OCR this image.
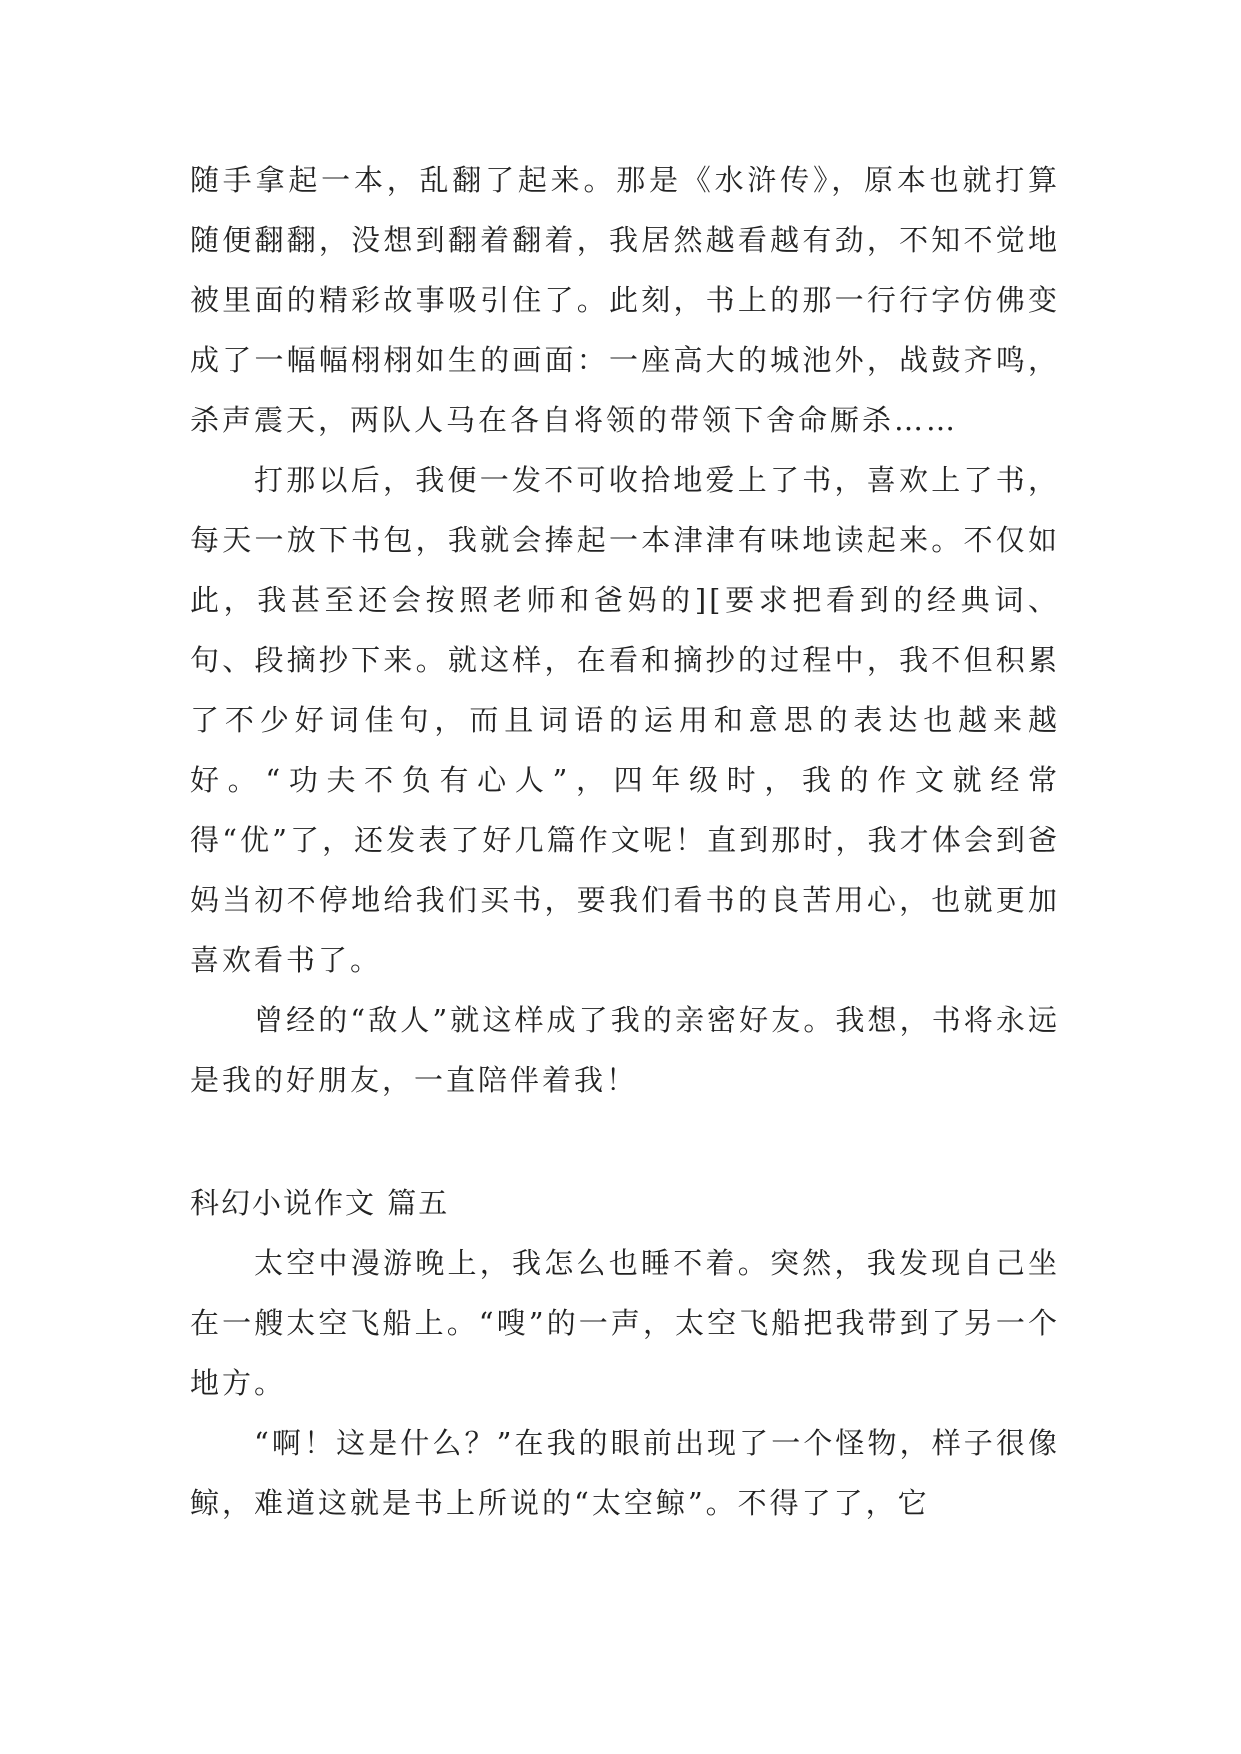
随手拿起一本，乱翻了起来。那是《水浒传》，原本也就打算随便翻翻，没想到翻着翻着，我居然越看越有劲，不知不觉地被里面的精彩故事吸引住了。此刻，书上的那一行行字仿佛变成了一幅幅栩栩如生的画面：一座高大的城池外，战鼓齐鸣，杀声震天，两队人马在各自将领的带领下舍命厮杀……

打那以后，我便一发不可收拾地爱上了书，喜欢上了书，每天一放下书包，我就会捧起一本津津有味地读起来。不仅如此，我甚至还会按照老师和爸妈的][要求把看到的经典词、句、段摘抄下来。就这样，在看和摘抄的过程中，我不但积累了不少好词佳句，而且词语的运用和意思的表达也越来越好。“功夫不负有心人”，四年级时，我的作文就经常得“优”了，还发表了好几篇作文呢！直到那时，我才体会到爸妈当初不停地给我们买书，要我们看书的良苦用心，也就更加喜欢看书了。

曾经的“敌人”就这样成了我的亲密好友。我想，书将永远是我的好朋友，一直陪伴着我！

科幻小说作文 篇五

太空中漫游晚上，我怎么也睡不着。突然，我发现自己坐在一艘太空飞船上。“嗖”的一声，太空飞船把我带到了另一个地方。

“啊！这是什么？”在我的眼前出现了一个怪物，样子很像鲸，难道这就是书上所说的“太空鲸”。不得了了，它
